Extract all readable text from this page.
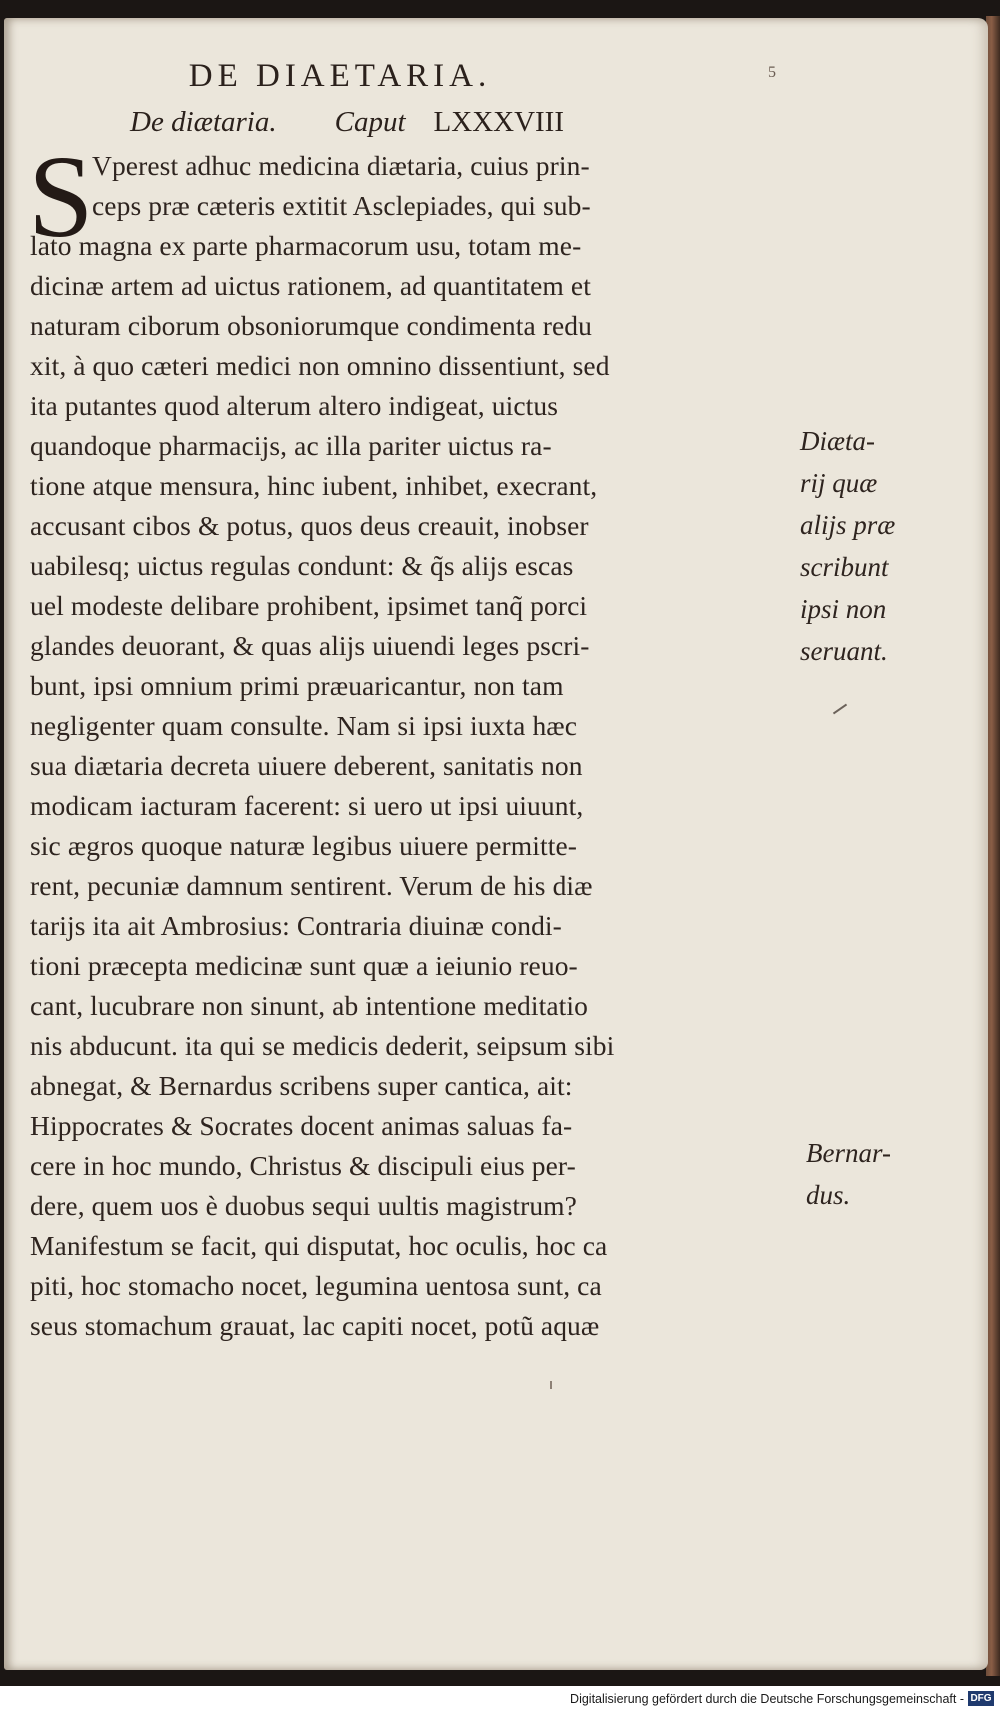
DE DIAETARIA.	5
De diætaria. Caput LXXXVIII
S
Vperest adhuc medicina diætaria, cuius prin-
ceps præ cæteris extitit Asclepiades, qui sub-
lato magna ex parte pharmacorum usu, totam me-
dicinæ artem ad uictus rationem, ad quantitatem et
naturam ciborum obsoniorumque condimenta redu
xit, à quo cæteri medici non omnino dissentiunt, sed
ita putantes quod alterum altero indigeat, uictus
quandoque pharmacijs, ac illa pariter uictus ra-
tione atque mensura, hinc iubent, inhibet, execrant,
accusant cibos & potus, quos deus creauit, inobser
uabilesq; uictus regulas condunt: & q̃s alijs escas
uel modeste delibare prohibent, ipsimet tanq̃ porci
glandes deuorant, & quas alijs uiuendi leges pscri-
bunt, ipsi omnium primi præuaricantur, non tam
negligenter quam consulte. Nam si ipsi iuxta hæc
sua diætaria decreta uiuere deberent, sanitatis non
modicam iacturam facerent: si uero ut ipsi uiuunt,
sic ægros quoque naturæ legibus uiuere permitte-
rent, pecuniæ damnum sentirent. Verum de his diæ
tarijs ita ait Ambrosius: Contraria diuinæ condi-
tioni præcepta medicinæ sunt quæ a ieiunio reuo-
cant, lucubrare non sinunt, ab intentione meditatio
nis abducunt. ita qui se medicis dederit, seipsum sibi
abnegat, & Bernardus scribens super cantica, ait:
Hippocrates & Socrates docent animas saluas fa-
cere in hoc mundo, Christus & discipuli eius per-
dere, quem uos è duobus sequi uultis magistrum?
Manifestum se facit, qui disputat, hoc oculis, hoc ca
piti, hoc stomacho nocet, legumina uentosa sunt, ca
seus stomachum grauat, lac capiti nocet, potũ aquæ
Diæta-
rij quæ
alijs præ
scribunt
ipsi non
seruant.
Bernar-
dus.
Digitalisierung gefördert durch die Deutsche Forschungsgemeinschaft - DFG
